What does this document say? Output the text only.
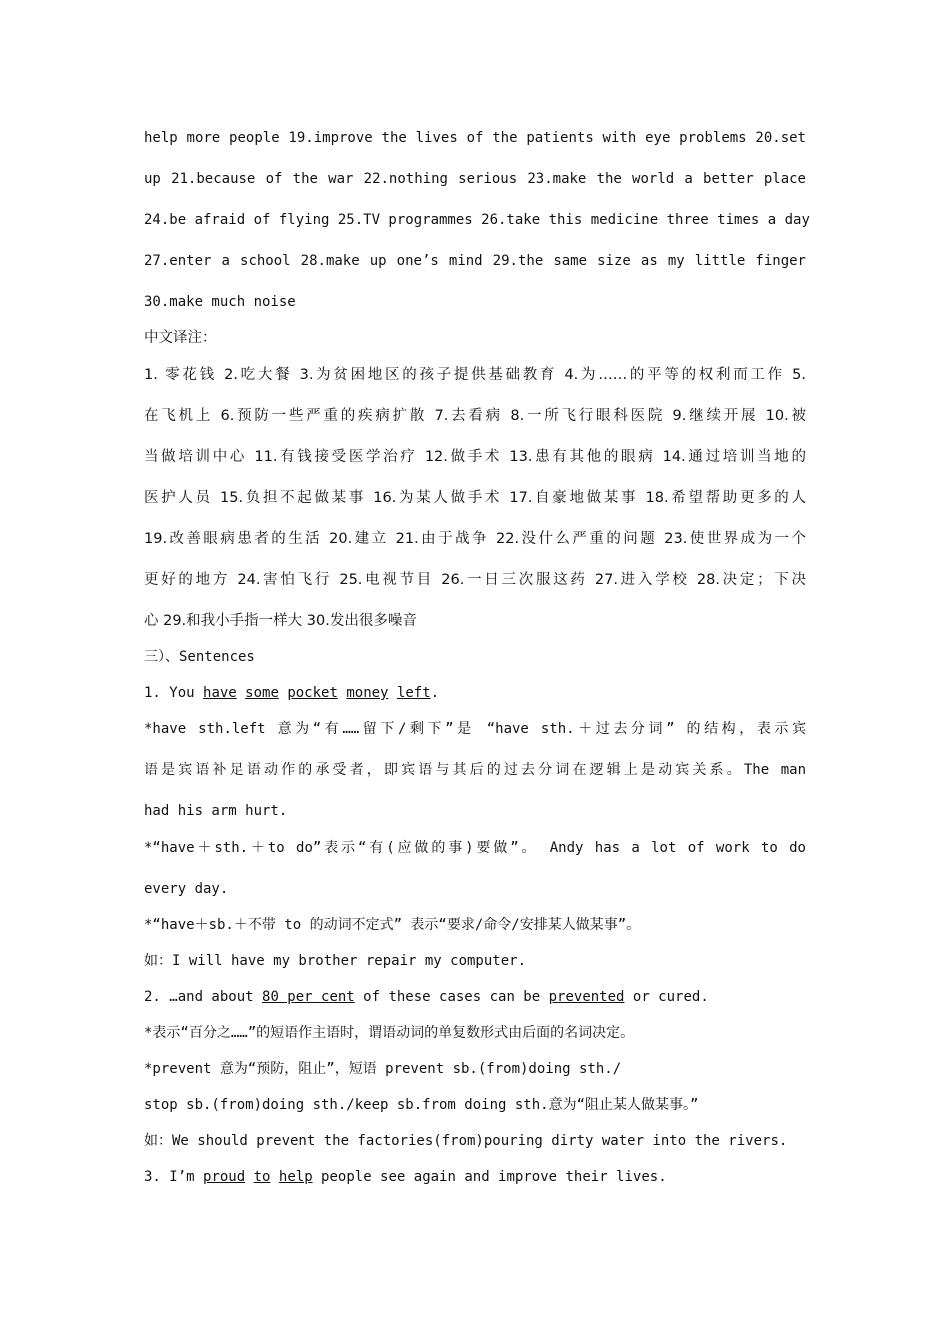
help more people 19.improve the lives of the patients with eye problems 20.set
up 21.because of the war 22.nothing serious 23.make the world a better place
24.be afraid of flying 25.TV programmes 26.take this medicine three times a day
27.enter a school 28.make up one’s mind 29.the same size as my little finger
30.make much noise
中文译注：
1. 零花钱 2.吃大餐 3.为贫困地区的孩子提供基础教育 4.为……的平等的权利而工作 5.
在飞机上 6.预防一些严重的疾病扩散 7.去看病 8.一所飞行眼科医院 9.继续开展 10.被
当做培训中心 11.有钱接受医学治疗 12.做手术 13.患有其他的眼病 14.通过培训当地的
医护人员 15.负担不起做某事 16.为某人做手术 17.自豪地做某事 18.希望帮助更多的人
19.改善眼病患者的生活 20.建立 21.由于战争 22.没什么严重的问题 23.使世界成为一个
更好的地方 24.害怕飞行 25.电视节目 26.一日三次服这药 27.进入学校 28.决定；下决
心 29.和我小手指一样大 30.发出很多噪音
三）、Sentences
1. You have some pocket money left.
*have sth.left 意为“有……留下/剩下”是 “have sth.＋过去分词” 的结构，表示宾
语是宾语补足语动作的承受者，即宾语与其后的过去分词在逻辑上是动宾关系。The man
had his arm hurt.
*“have＋sth.＋to do”表示“有(应做的事)要做”。 Andy has a lot of work to do
every day.
*“have＋sb.＋不带 to 的动词不定式” 表示“要求/命令/安排某人做某事”。
如：I will have my brother repair my computer.
2. …and about 80 per cent of these cases can be prevented or cured.
*表示“百分之……”的短语作主语时，谓语动词的单复数形式由后面的名词决定。
*prevent 意为“预防，阻止”，短语 prevent sb.(from)doing sth./
stop sb.(from)doing sth./keep sb.from doing sth.意为“阻止某人做某事。”
如：We should prevent the factories(from)pouring dirty water into the rivers.
3. I’m proud to help people see again and improve their lives.
